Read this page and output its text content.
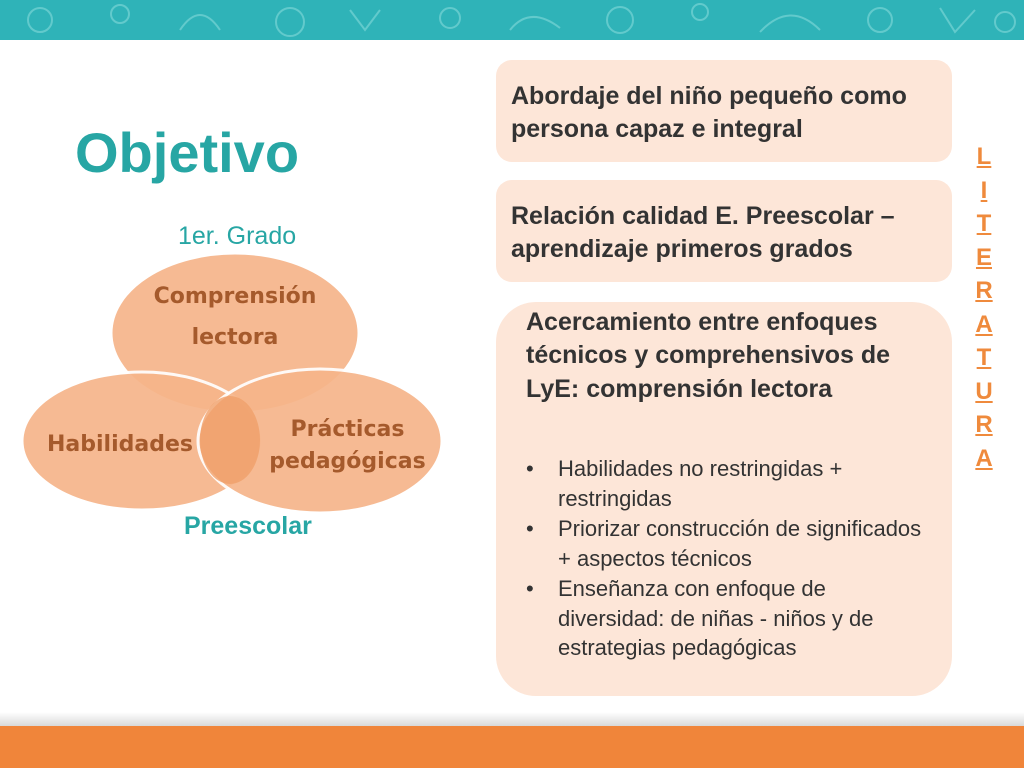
Objetivo
1er. Grado
Comprensión
lectora
Habilidades
Prácticas
pedagógicas
Preescolar
Abordaje del niño pequeño como persona capaz e integral
Relación calidad E. Preescolar – aprendizaje primeros grados
Acercamiento entre enfoques técnicos y comprehensivos de LyE: comprensión lectora
• Habilidades no restringidas + restringidas
• Priorizar construcción de significados + aspectos técnicos
• Enseñanza con enfoque de diversidad: de niñas - niños y de estrategias pedagógicas
L
I
T
E
R
A
T
U
R
A
